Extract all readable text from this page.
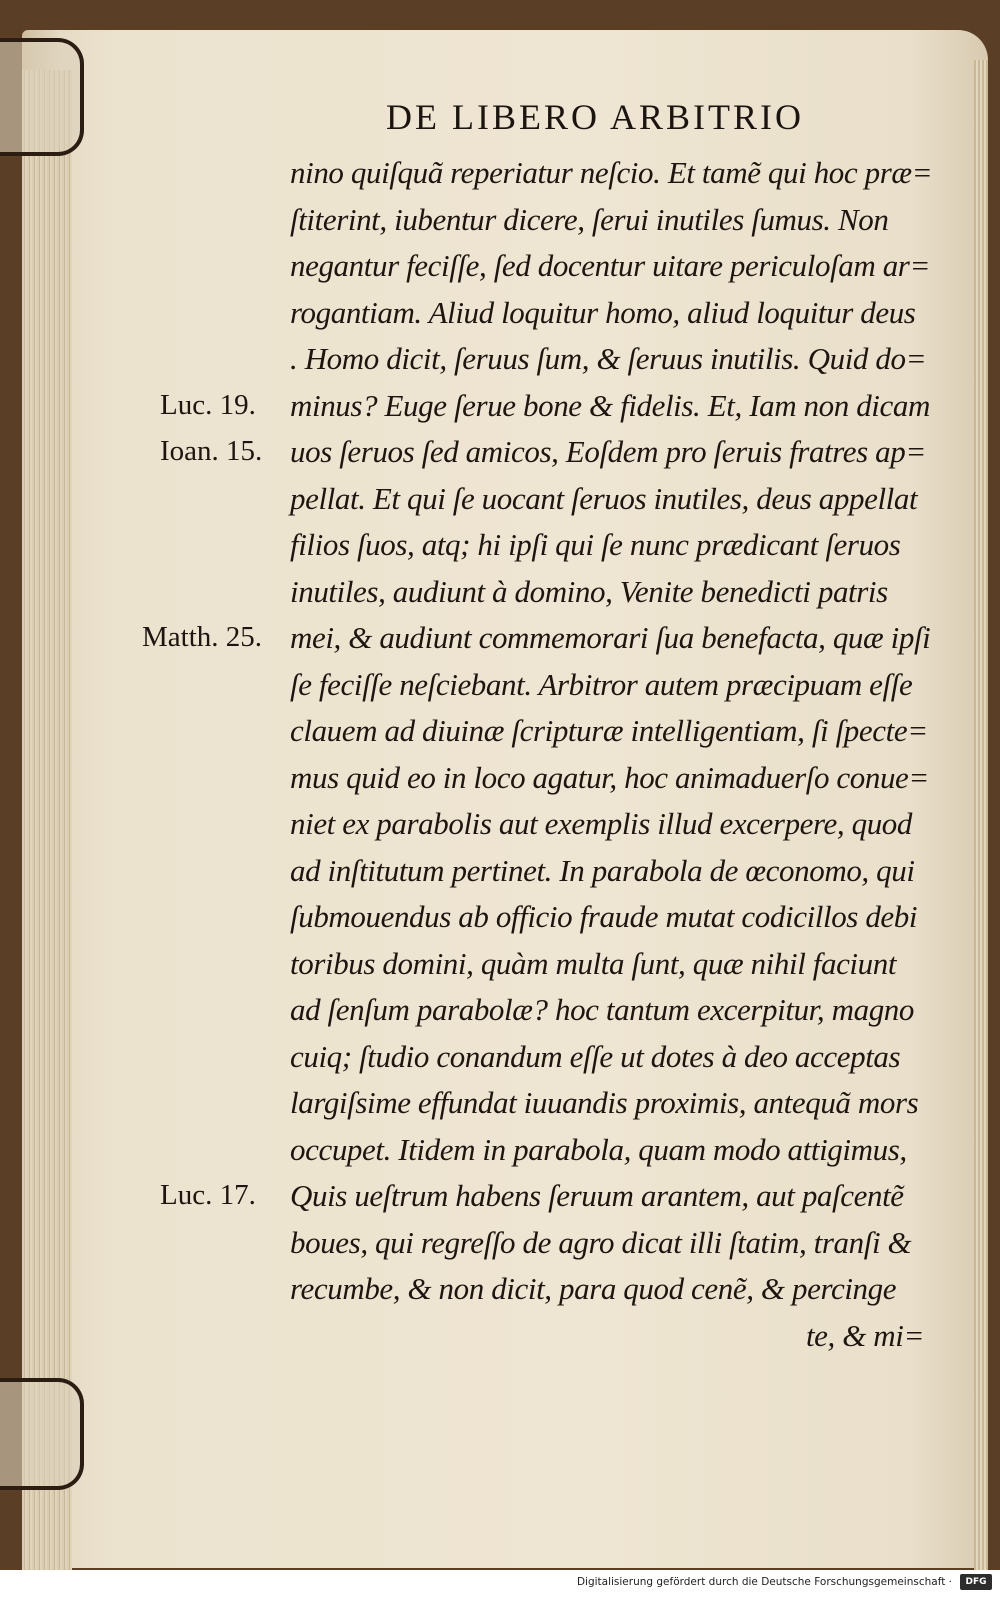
DE LIBERO ARBITRIO
nino quiſquã reperiatur neſcio. Et tamẽ qui hoc præ=
ſtiterint, iubentur dicere, ſerui inutiles ſumus. Non
negantur feciſſe, ſed docentur uitare periculoſam ar=
rogantiam. Aliud loquitur homo, aliud loquitur deus
. Homo dicit, ſeruus ſum, & ſeruus inutilis. Quid do=
minus? Euge ſerue bone & fidelis. Et, Iam non dicam
uos ſeruos ſed amicos, Eoſdem pro ſeruis fratres ap=
pellat. Et qui ſe uocant ſeruos inutiles, deus appellat
filios ſuos, atq; hi ipſi qui ſe nunc prædicant ſeruos
inutiles, audiunt à domino, Venite benedicti patris
mei, & audiunt commemorari ſua benefacta, quæ ipſi
ſe feciſſe neſciebant. Arbitror autem præcipuam eſſe
clauem ad diuinæ ſcripturæ intelligentiam, ſi ſpecte=
mus quid eo in loco agatur, hoc animaduerſo conue=
niet ex parabolis aut exemplis illud excerpere, quod
ad inſtitutum pertinet. In parabola de œconomo, qui
ſubmouendus ab officio fraude mutat codicillos debi
toribus domini, quàm multa ſunt, quæ nihil faciunt
ad ſenſum parabolæ? hoc tantum excerpitur, magno
cuiq; ſtudio conandum eſſe ut dotes à deo acceptas
largiſsime effundat iuuandis proximis, antequã mors
occupet. Itidem in parabola, quam modo attigimus,
Quis ueſtrum habens ſeruum arantem, aut paſcentẽ
boues, qui regreſſo de agro dicat illi ſtatim, tranſi &
recumbe, & non dicit, para quod cenẽ, & percinge
te, & mi=
Luc. 19.
Ioan. 15.
Matth. 25.
Luc. 17.
Digitalisierung gefördert durch die Deutsche Forschungsgemeinschaft ·	DFG
